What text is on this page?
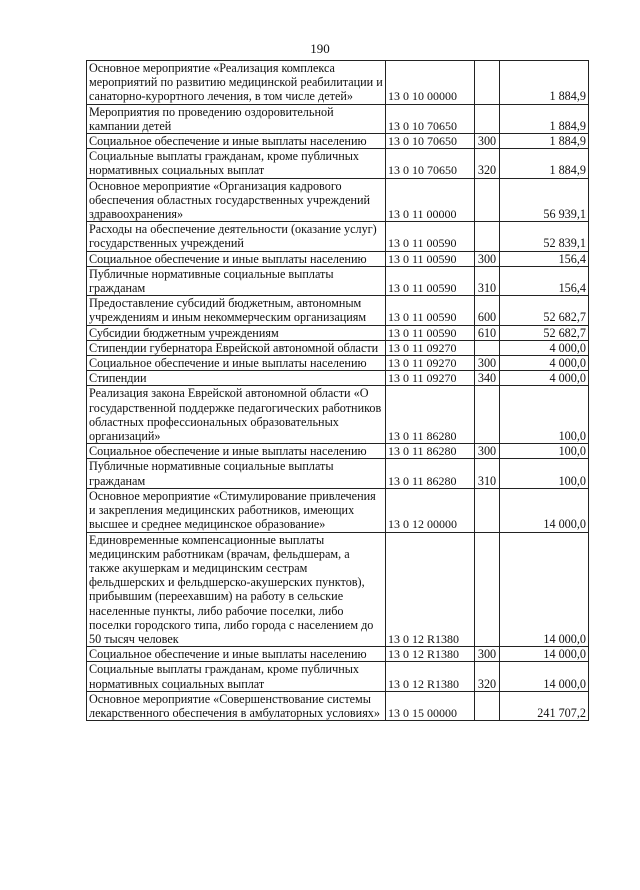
190
Основное мероприятие «Реализация комплекса мероприятий по развитию медицинской реабилитации и санаторно-курортного лечения, в том числе детей»	13 0 10 00000		1 884,9
Мероприятия по проведению оздоровительной кампании детей	13 0 10 70650		1 884,9
Социальное обеспечение и иные выплаты населению	13 0 10 70650	300	1 884,9
Социальные выплаты гражданам, кроме публичных нормативных социальных выплат	13 0 10 70650	320	1 884,9
Основное мероприятие «Организация кадрового обеспечения областных государственных учреждений здравоохранения»	13 0 11 00000		56 939,1
Расходы на обеспечение деятельности (оказание услуг) государственных учреждений	13 0 11 00590		52 839,1
Социальное обеспечение и иные выплаты населению	13 0 11 00590	300	156,4
Публичные нормативные социальные выплаты гражданам	13 0 11 00590	310	156,4
Предоставление субсидий бюджетным, автономным учреждениям и иным некоммерческим организациям	13 0 11 00590	600	52 682,7
Субсидии бюджетным учреждениям	13 0 11 00590	610	52 682,7
Стипендии губернатора Еврейской автономной области	13 0 11 09270		4 000,0
Социальное обеспечение и иные выплаты населению	13 0 11 09270	300	4 000,0
Стипендии	13 0 11 09270	340	4 000,0
Реализация закона Еврейской автономной области «О государственной поддержке педагогических работников областных профессиональных образовательных организаций»	13 0 11 86280		100,0
Социальное обеспечение и иные выплаты населению	13 0 11 86280	300	100,0
Публичные нормативные социальные выплаты гражданам	13 0 11 86280	310	100,0
Основное мероприятие «Стимулирование привлечения и закрепления медицинских работников, имеющих высшее и среднее медицинское образование»	13 0 12 00000		14 000,0
Единовременные компенсационные выплаты медицинским работникам (врачам, фельдшерам, а также акушеркам и медицинским сестрам фельдшерских и фельдшерско-акушерских пунктов), прибывшим (переехавшим) на работу в сельские населенные пункты, либо рабочие поселки, либо поселки городского типа, либо города с населением до 50 тысяч человек	13 0 12 R1380		14 000,0
Социальное обеспечение и иные выплаты населению	13 0 12 R1380	300	14 000,0
Социальные выплаты гражданам, кроме публичных нормативных социальных выплат	13 0 12 R1380	320	14 000,0
Основное мероприятие «Совершенствование системы лекарственного обеспечения в амбулаторных условиях»	13 0 15 00000		241 707,2
